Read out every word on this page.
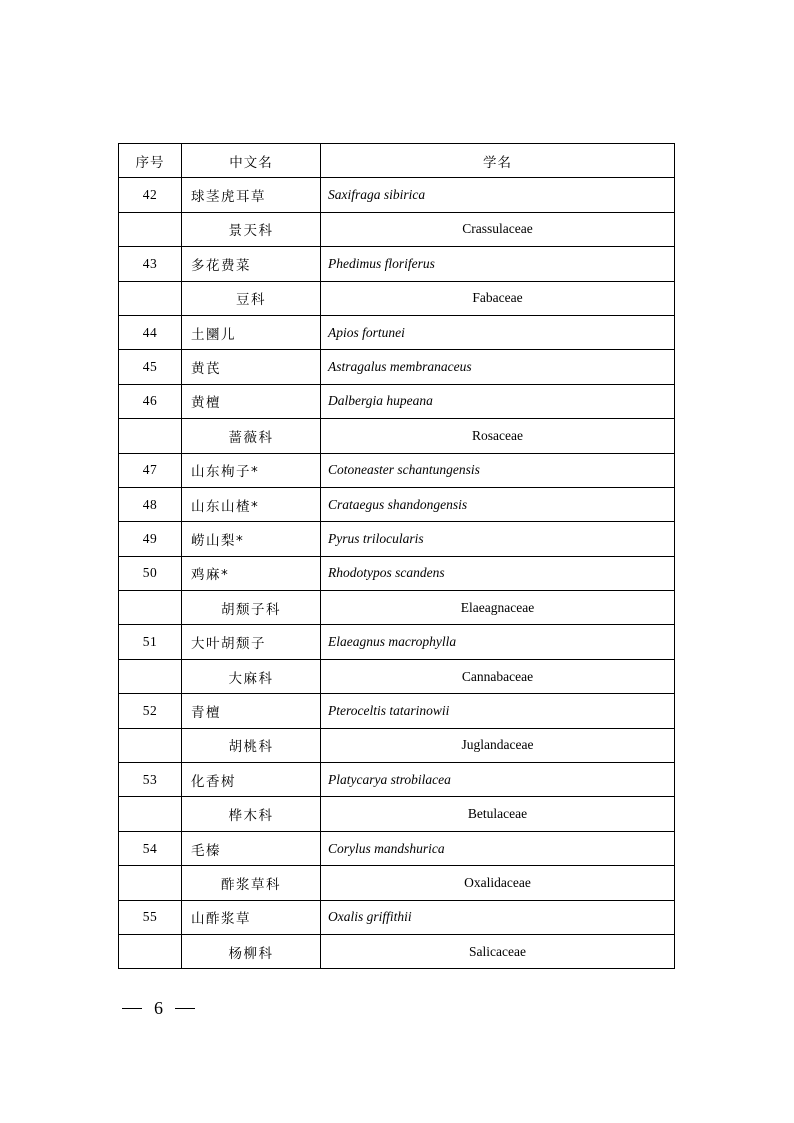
序号	中文名	学名
42	球茎虎耳草	Saxifraga sibirica
	景天科	Crassulaceae
43	多花费菜	Phedimus floriferus
	豆科	Fabaceae
44	土圞儿	Apios fortunei
45	黄芪	Astragalus membranaceus
46	黄檀	Dalbergia hupeana
	蔷薇科	Rosaceae
47	山东栒子*	Cotoneaster schantungensis
48	山东山楂*	Crataegus shandongensis
49	崂山梨*	Pyrus trilocularis
50	鸡麻*	Rhodotypos scandens
	胡颓子科	Elaeagnaceae
51	大叶胡颓子	Elaeagnus macrophylla
	大麻科	Cannabaceae
52	青檀	Pteroceltis tatarinowii
	胡桃科	Juglandaceae
53	化香树	Platycarya strobilacea
	桦木科	Betulaceae
54	毛榛	Corylus mandshurica
	酢浆草科	Oxalidaceae
55	山酢浆草	Oxalis griffithii
	杨柳科	Salicaceae
6
